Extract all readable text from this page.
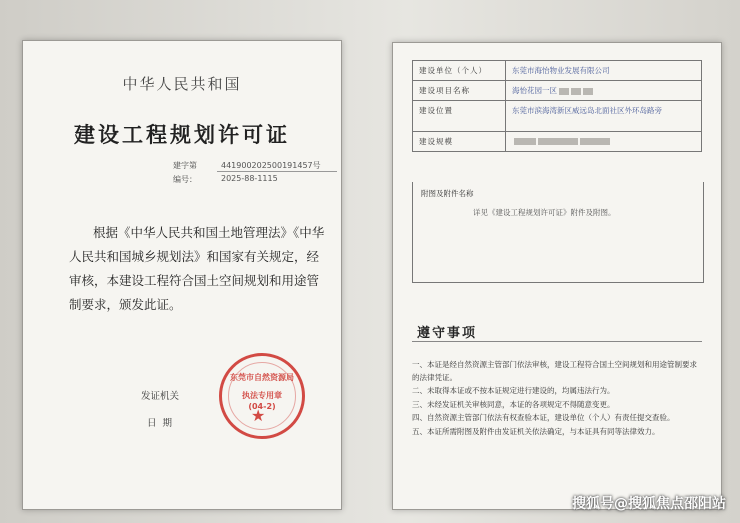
中华人民共和国
建设工程规划许可证
建字第	441900202500191457号
编号：	2025-88-1115
根据《中华人民共和国土地管理法》《中华人民共和国城乡规划法》和国家有关规定，经审核，本建设工程符合国土空间规划和用途管制要求，颁发此证。
发证机关
日期
东莞市自然资源局
执法专用章
(04-2)
★
建设单位（个人）	东莞市海怡物业发展有限公司
建设项目名称	海怡花园一区
建设位置	东莞市滨海湾新区威远岛北面社区外环岛路旁
建设规模	
附图及附件名称
详见《建设工程规划许可证》附件及附图。
遵守事项
一、本证是经自然资源主管部门依法审核，建设工程符合国土空间规划和用途管制要求的法律凭证。
二、未取得本证或不按本证规定进行建设的，均属违法行为。
三、未经发证机关审核同意，本证的各项规定不得随意变更。
四、自然资源主管部门依法有权查验本证，建设单位（个人）有责任提交查验。
五、本证所需附图及附件由发证机关依法确定，与本证具有同等法律效力。
搜狐号@搜狐焦点邵阳站
